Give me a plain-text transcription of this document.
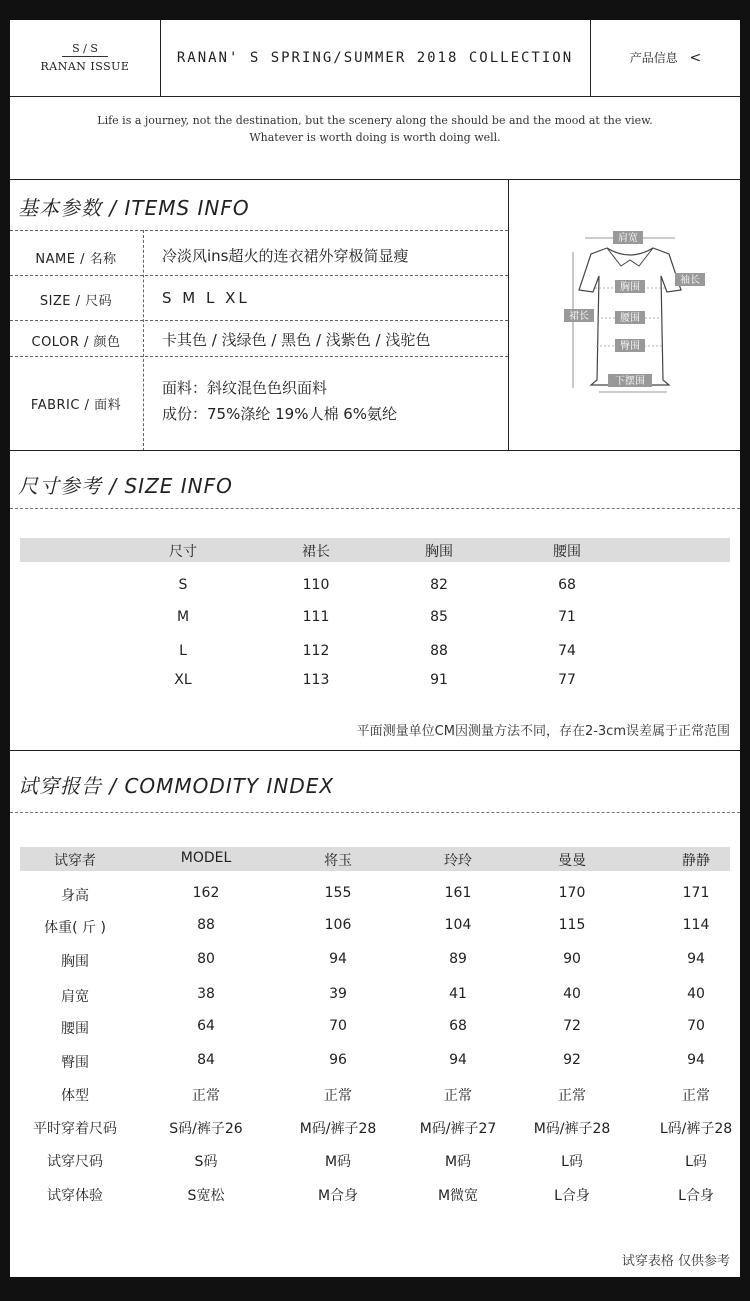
S / S
RANAN ISSUE
RANAN' S SPRING/SUMMER 2018 COLLECTION	产品信息 <
Life is a journey, not the destination, but the scenery along the should be and the mood at the view.
Whatever is worth doing is worth doing well.
基本参数 / ITEMS INFO
NAME / 名称	冷淡风ins超火的连衣裙外穿极简显瘦
SIZE / 尺码	S M L XL
COLOR / 颜色	卡其色 / 浅绿色 / 黑色 / 浅紫色 / 浅驼色
FABRIC / 面料
面料：斜纹混色色织面料
成份：75%涤纶 19%人棉 6%氨纶
肩宽
袖长
胸围
裙长	腰围
臀围
下摆围
尺寸参考 / SIZE INFO
尺寸	裙长	胸围	腰围
S	110	82	68
M	111	85	71
L	112	88	74
XL	113	91	77
平面测量单位CM因测量方法不同，存在2-3cm误差属于正常范围
试穿报告 / COMMODITY INDEX
试穿者	MODEL	将玉	玲玲	曼曼	静静
身高	162	155	161	170	171
体重( 斤 )	88	106	104	115	114
胸围	80	94	89	90	94
肩宽	38	39	41	40	40
腰围	64	70	68	72	70
臀围	84	96	94	92	94
体型	正常	正常	正常	正常	正常
平时穿着尺码	S码/裤子26	M码/裤子28	M码/裤子27	M码/裤子28	L码/裤子28
试穿尺码	S码	M码	M码	L码	L码
试穿体验	S宽松	M合身	M微宽	L合身	L合身
试穿表格 仅供参考
